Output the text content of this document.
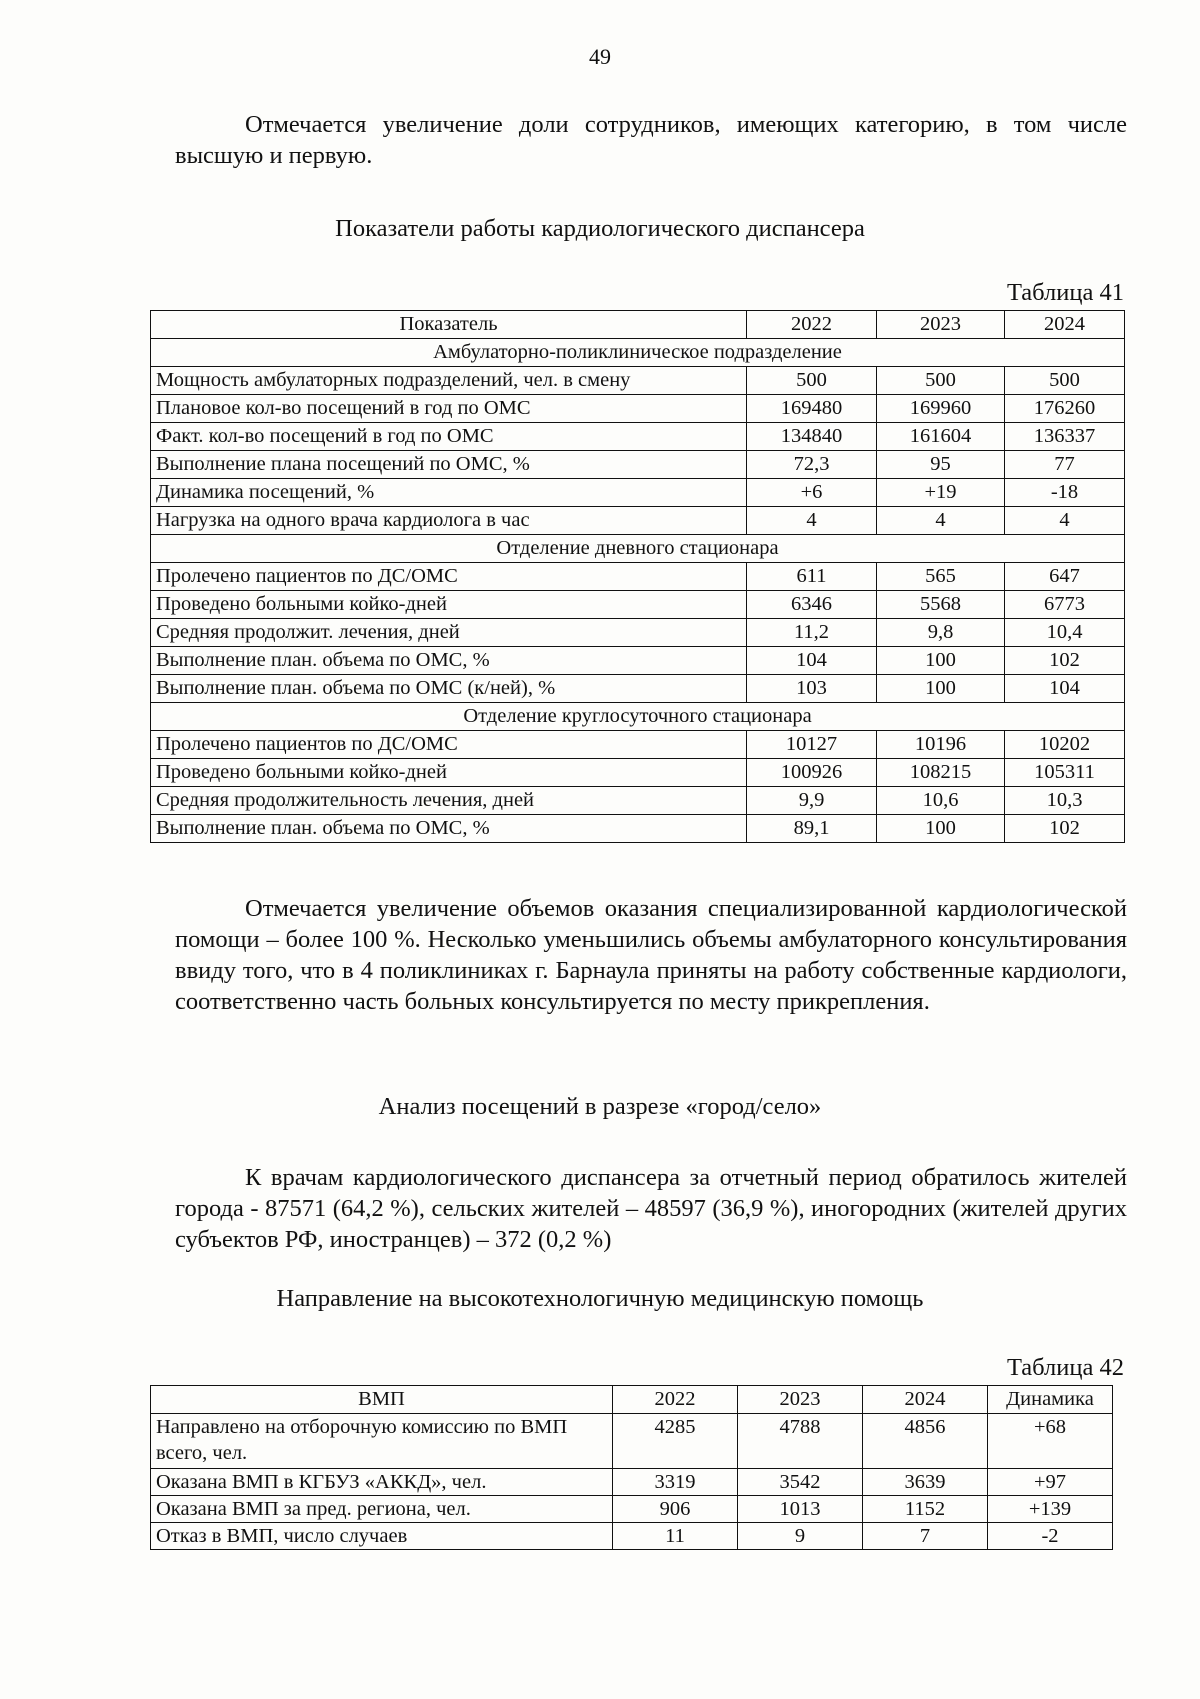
49

Отмечается увеличение доли сотрудников, имеющих категорию, в том числе высшую и первую.

Показатели работы кардиологического диспансера

Таблица 41

Показатель	2022	2023	2024
Амбулаторно-поликлиническое подразделение			
Мощность амбулаторных подразделений, чел. в смену	500	500	500
Плановое кол-во посещений в год по ОМС	169480	169960	176260
Факт. кол-во посещений в год по ОМС	134840	161604	136337
Выполнение плана посещений по ОМС, %	72,3	95	77
Динамика посещений, %	+6	+19	-18
Нагрузка на одного врача кардиолога в час	4	4	4
Отделение дневного стационара			
Пролечено пациентов по ДС/ОМС	611	565	647
Проведено больными койко-дней	6346	5568	6773
Средняя продолжит. лечения, дней	11,2	9,8	10,4
Выполнение план. объема по ОМС, %	104	100	102
Выполнение план. объема по ОМС (к/ней), %	103	100	104
Отделение круглосуточного стационара			
Пролечено пациентов по ДС/ОМС	10127	10196	10202
Проведено больными койко-дней	100926	108215	105311
Средняя продолжительность лечения, дней	9,9	10,6	10,3
Выполнение план. объема по ОМС, %	89,1	100	102

Отмечается увеличение объемов оказания специализированной кардиологической помощи – более 100 %. Несколько уменьшились объемы амбулаторного консультирования ввиду того, что в 4 поликлиниках г. Барнаула приняты на работу собственные кардиологи, соответственно часть больных консультируется по месту прикрепления.

Анализ посещений в разрезе «город/село»

К врачам кардиологического диспансера за отчетный период обратилось жителей города - 87571 (64,2 %), сельских жителей – 48597 (36,9 %), иногородних (жителей других субъектов РФ, иностранцев) – 372 (0,2 %)

Направление на высокотехнологичную медицинскую помощь

Таблица 42

ВМП	2022	2023	2024	Динамика
Направлено на отборочную комиссию по ВМП всего, чел.	4285	4788	4856	+68
Оказана ВМП в КГБУЗ «АККД», чел.	3319	3542	3639	+97
Оказана ВМП за пред. региона, чел.	906	1013	1152	+139
Отказ в ВМП, число случаев	11	9	7	-2
